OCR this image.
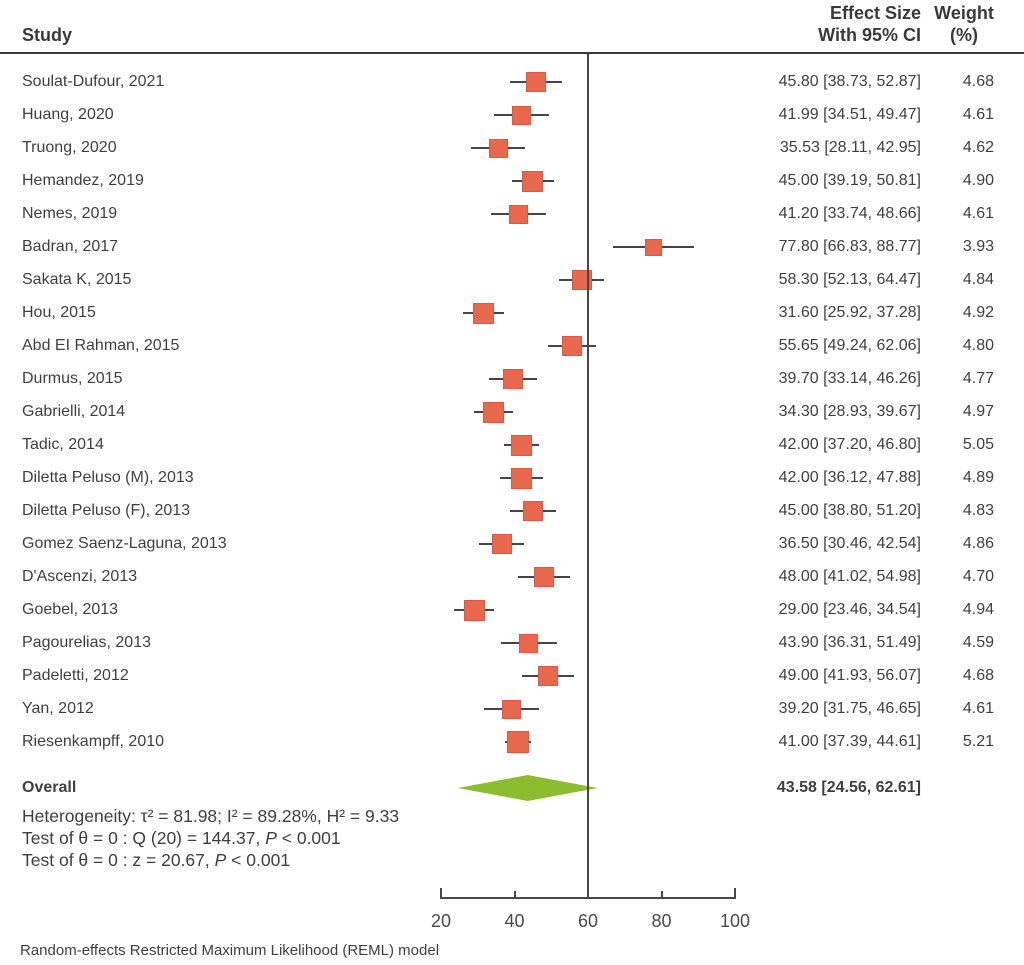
Study
Effect Size
With 95% CI
Weight
(%)
Soulat-Dufour, 2021	45.80 [38.73, 52.87]	4.68
Huang, 2020	41.99 [34.51, 49.47]	4.61
Truong, 2020	35.53 [28.11, 42.95]	4.62
Hemandez, 2019	45.00 [39.19, 50.81]	4.90
Nemes, 2019	41.20 [33.74, 48.66]	4.61
Badran, 2017	77.80 [66.83, 88.77]	3.93
Sakata K, 2015	58.30 [52.13, 64.47]	4.84
Hou, 2015	31.60 [25.92, 37.28]	4.92
Abd EI Rahman, 2015	55.65 [49.24, 62.06]	4.80
Durmus, 2015	39.70 [33.14, 46.26]	4.77
Gabrielli, 2014	34.30 [28.93, 39.67]	4.97
Tadic, 2014	42.00 [37.20, 46.80]	5.05
Diletta Peluso (M), 2013	42.00 [36.12, 47.88]	4.89
Diletta Peluso (F), 2013	45.00 [38.80, 51.20]	4.83
Gomez Saenz-Laguna, 2013	36.50 [30.46, 42.54]	4.86
D'Ascenzi, 2013	48.00 [41.02, 54.98]	4.70
Goebel, 2013	29.00 [23.46, 34.54]	4.94
Pagourelias, 2013	43.90 [36.31, 51.49]	4.59
Padeletti, 2012	49.00 [41.93, 56.07]	4.68
Yan, 2012	39.20 [31.75, 46.65]	4.61
Riesenkampff, 2010	41.00 [37.39, 44.61]	5.21
Overall	43.58 [24.56, 62.61]
20	40	60	80	100
Heterogeneity: τ² = 81.98; I² = 89.28%, H² = 9.33
Test of θ = 0 : Q (20) = 144.37, P < 0.001
Test of θ = 0 : z = 20.67, P < 0.001
Random-effects Restricted Maximum Likelihood (REML) model
